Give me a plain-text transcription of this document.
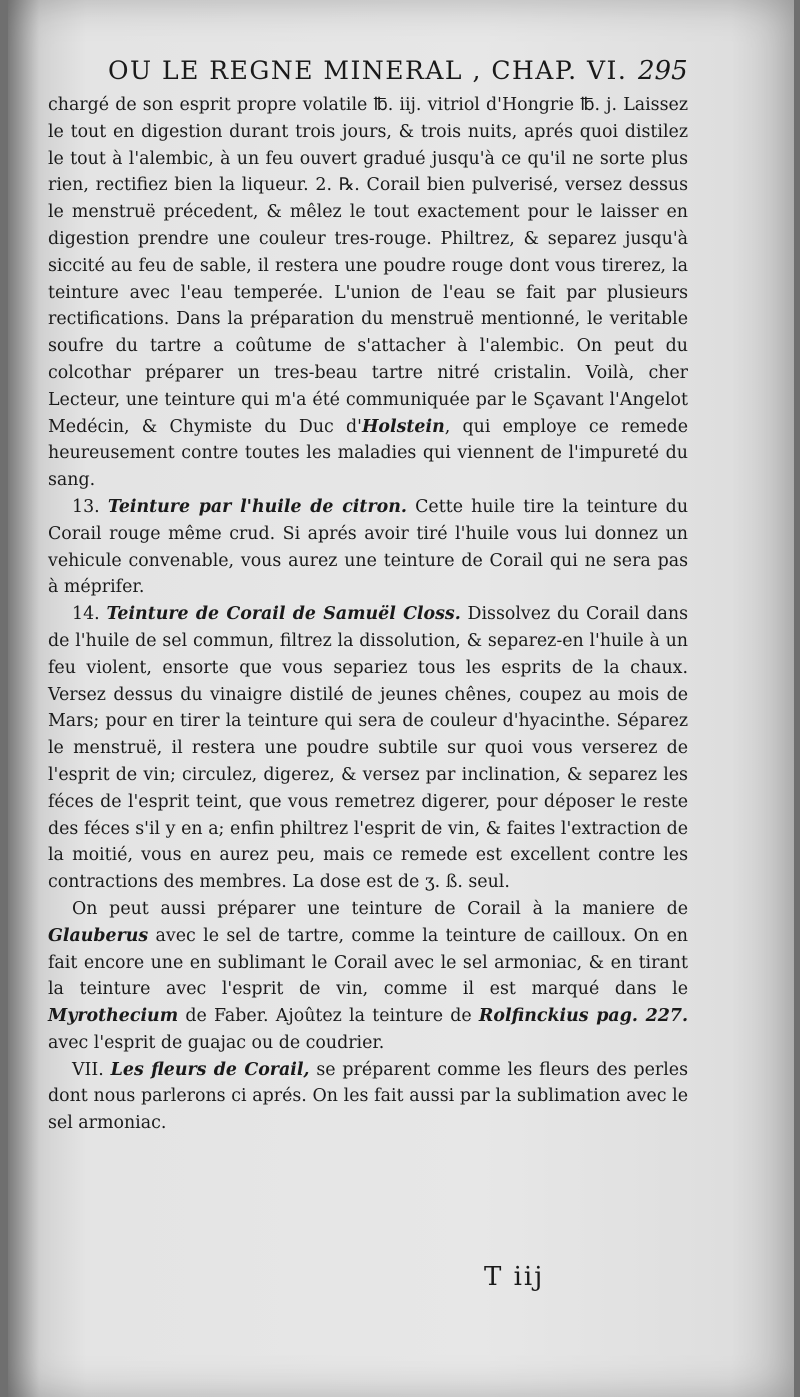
OU LE REGNE MINERAL , CHAP. VI. 295

chargé de son esprit propre volatile ℔. iij. vitriol d'Hongrie ℔. j. Laissez le tout en digestion durant trois jours, & trois nuits, aprés quoi distilez le tout à l'alembic, à un feu ouvert gradué jusqu'à ce qu'il ne sorte plus rien, rectifiez bien la liqueur. 2. ℞. Corail bien pulverisé, versez dessus le menstruë précedent, & mêlez le tout exactement pour le laisser en digestion prendre une couleur tres-rouge. Philtrez, & separez jusqu'à siccité au feu de sable, il restera une poudre rouge dont vous tirerez, la teinture avec l'eau temperée. L'union de l'eau se fait par plusieurs rectifications. Dans la préparation du menstruë mentionné, le veritable soufre du tartre a coûtume de s'attacher à l'alembic. On peut du colcothar préparer un tres-beau tartre nitré cristalin. Voilà, cher Lecteur, une teinture qui m'a été communiquée par le Sçavant l'Angelot Medécin, & Chymiste du Duc d'Holstein, qui employe ce remede heureusement contre toutes les maladies qui viennent de l'impureté du sang.

13. Teinture par l'huile de citron. Cette huile tire la teinture du Corail rouge même crud. Si aprés avoir tiré l'huile vous lui donnez un vehicule convenable, vous aurez une teinture de Corail qui ne sera pas à méprifer.

14. Teinture de Corail de Samuël Closs. Dissolvez du Corail dans de l'huile de sel commun, filtrez la dissolution, & separez-en l'huile à un feu violent, ensorte que vous separiez tous les esprits de la chaux. Versez dessus du vinaigre distilé de jeunes chênes, coupez au mois de Mars; pour en tirer la teinture qui sera de couleur d'hyacinthe. Séparez le menstruë, il restera une poudre subtile sur quoi vous verserez de l'esprit de vin; circulez, digerez, & versez par inclination, & separez les féces de l'esprit teint, que vous remetrez digerer, pour déposer le reste des féces s'il y en a; enfin philtrez l'esprit de vin, & faites l'extraction de la moitié, vous en aurez peu, mais ce remede est excellent contre les contractions des membres. La dose est de ʒ. ß. seul.

On peut aussi préparer une teinture de Corail à la maniere de Glauberus avec le sel de tartre, comme la teinture de cailloux. On en fait encore une en sublimant le Corail avec le sel armoniac, & en tirant la teinture avec l'esprit de vin, comme il est marqué dans le Myrothecium de Faber. Ajoûtez la teinture de Rolfinckius pag. 227. avec l'esprit de guajac ou de coudrier.

VII. Les fleurs de Corail, se préparent comme les fleurs des perles dont nous parlerons ci aprés. On les fait aussi par la sublimation avec le sel armoniac.

T iij
